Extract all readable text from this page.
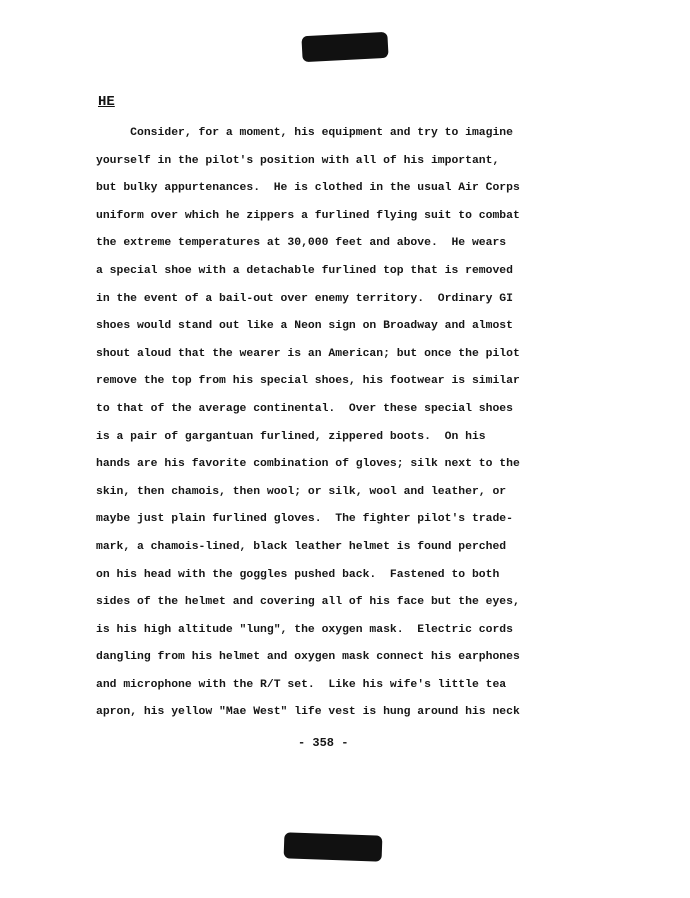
HE
Consider, for a moment, his equipment and try to imagine
yourself in the pilot's position with all of his important,
but bulky appurtenances.  He is clothed in the usual Air Corps
uniform over which he zippers a furlined flying suit to combat
the extreme temperatures at 30,000 feet and above.  He wears
a special shoe with a detachable furlined top that is removed
in the event of a bail-out over enemy territory.  Ordinary GI
shoes would stand out like a Neon sign on Broadway and almost
shout aloud that the wearer is an American; but once the pilot
remove the top from his special shoes, his footwear is similar
to that of the average continental.  Over these special shoes
is a pair of gargantuan furlined, zippered boots.  On his
hands are his favorite combination of gloves; silk next to the
skin, then chamois, then wool; or silk, wool and leather, or
maybe just plain furlined gloves.  The fighter pilot's trade-
mark, a chamois-lined, black leather helmet is found perched
on his head with the goggles pushed back.  Fastened to both
sides of the helmet and covering all of his face but the eyes,
is his high altitude "lung", the oxygen mask.  Electric cords
dangling from his helmet and oxygen mask connect his earphones
and microphone with the R/T set.  Like his wife's little tea
apron, his yellow "Mae West" life vest is hung around his neck
- 358 -
